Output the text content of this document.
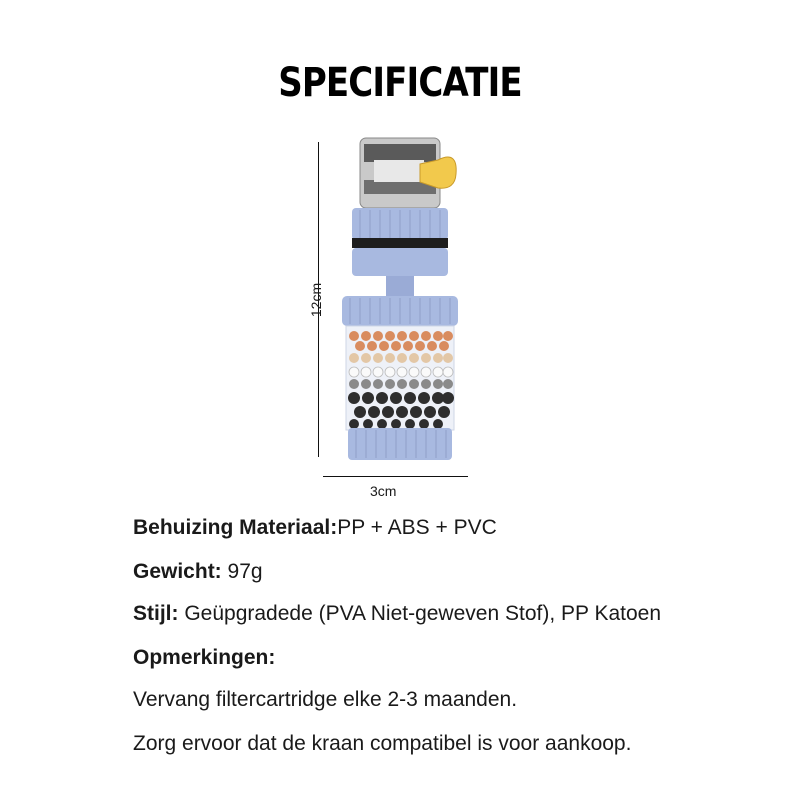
SPECIFICATIE
12cm
3cm
Behuizing Materiaal:PP + ABS + PVC
Gewicht: 97g
Stijl: Geüpgradede (PVA Niet-geweven Stof), PP Katoen
Opmerkingen:
Vervang filtercartridge elke 2-3 maanden.
Zorg ervoor dat de kraan compatibel is voor aankoop.
